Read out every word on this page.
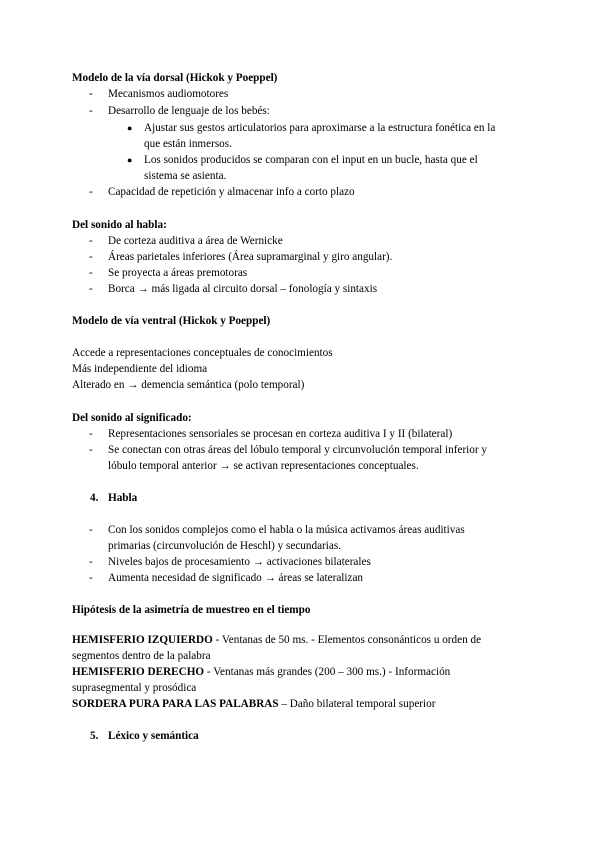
Modelo de la vía dorsal (Hickok y Poeppel)
- Mecanismos audiomotores
- Desarrollo de lenguaje de los bebés:
● Ajustar sus gestos articulatorios para aproximarse a la estructura fonética en la
que están inmersos.
● Los sonidos producidos se comparan con el input en un bucle, hasta que el
sistema se asienta.
- Capacidad de repetición y almacenar info a corto plazo
Del sonido al habla:
- De corteza auditiva a área de Wernicke
- Áreas parietales inferiores (Área supramarginal y giro angular).
- Se proyecta a áreas premotoras
- Borca → más ligada al circuito dorsal – fonología y sintaxis
Modelo de vía ventral (Hickok y Poeppel)
Accede a representaciones conceptuales de conocimientos
Más independiente del idioma
Alterado en → demencia semántica (polo temporal)
Del sonido al significado:
- Representaciones sensoriales se procesan en corteza auditiva I y II (bilateral)
- Se conectan con otras áreas del lóbulo temporal y circunvolución temporal inferior y
lóbulo temporal anterior → se activan representaciones conceptuales.
4. Habla
- Con los sonidos complejos como el habla o la música activamos áreas auditivas
primarias (circunvolución de Heschl) y secundarias.
- Niveles bajos de procesamiento → activaciones bilaterales
- Aumenta necesidad de significado → áreas se lateralizan
Hipótesis de la asimetría de muestreo en el tiempo
HEMISFERIO IZQUIERDO - Ventanas de 50 ms. - Elementos consonánticos u orden de
segmentos dentro de la palabra
HEMISFERIO DERECHO - Ventanas más grandes (200 – 300 ms.) - Información
suprasegmental y prosódica
SORDERA PURA PARA LAS PALABRAS – Daño bilateral temporal superior
5. Léxico y semántica
